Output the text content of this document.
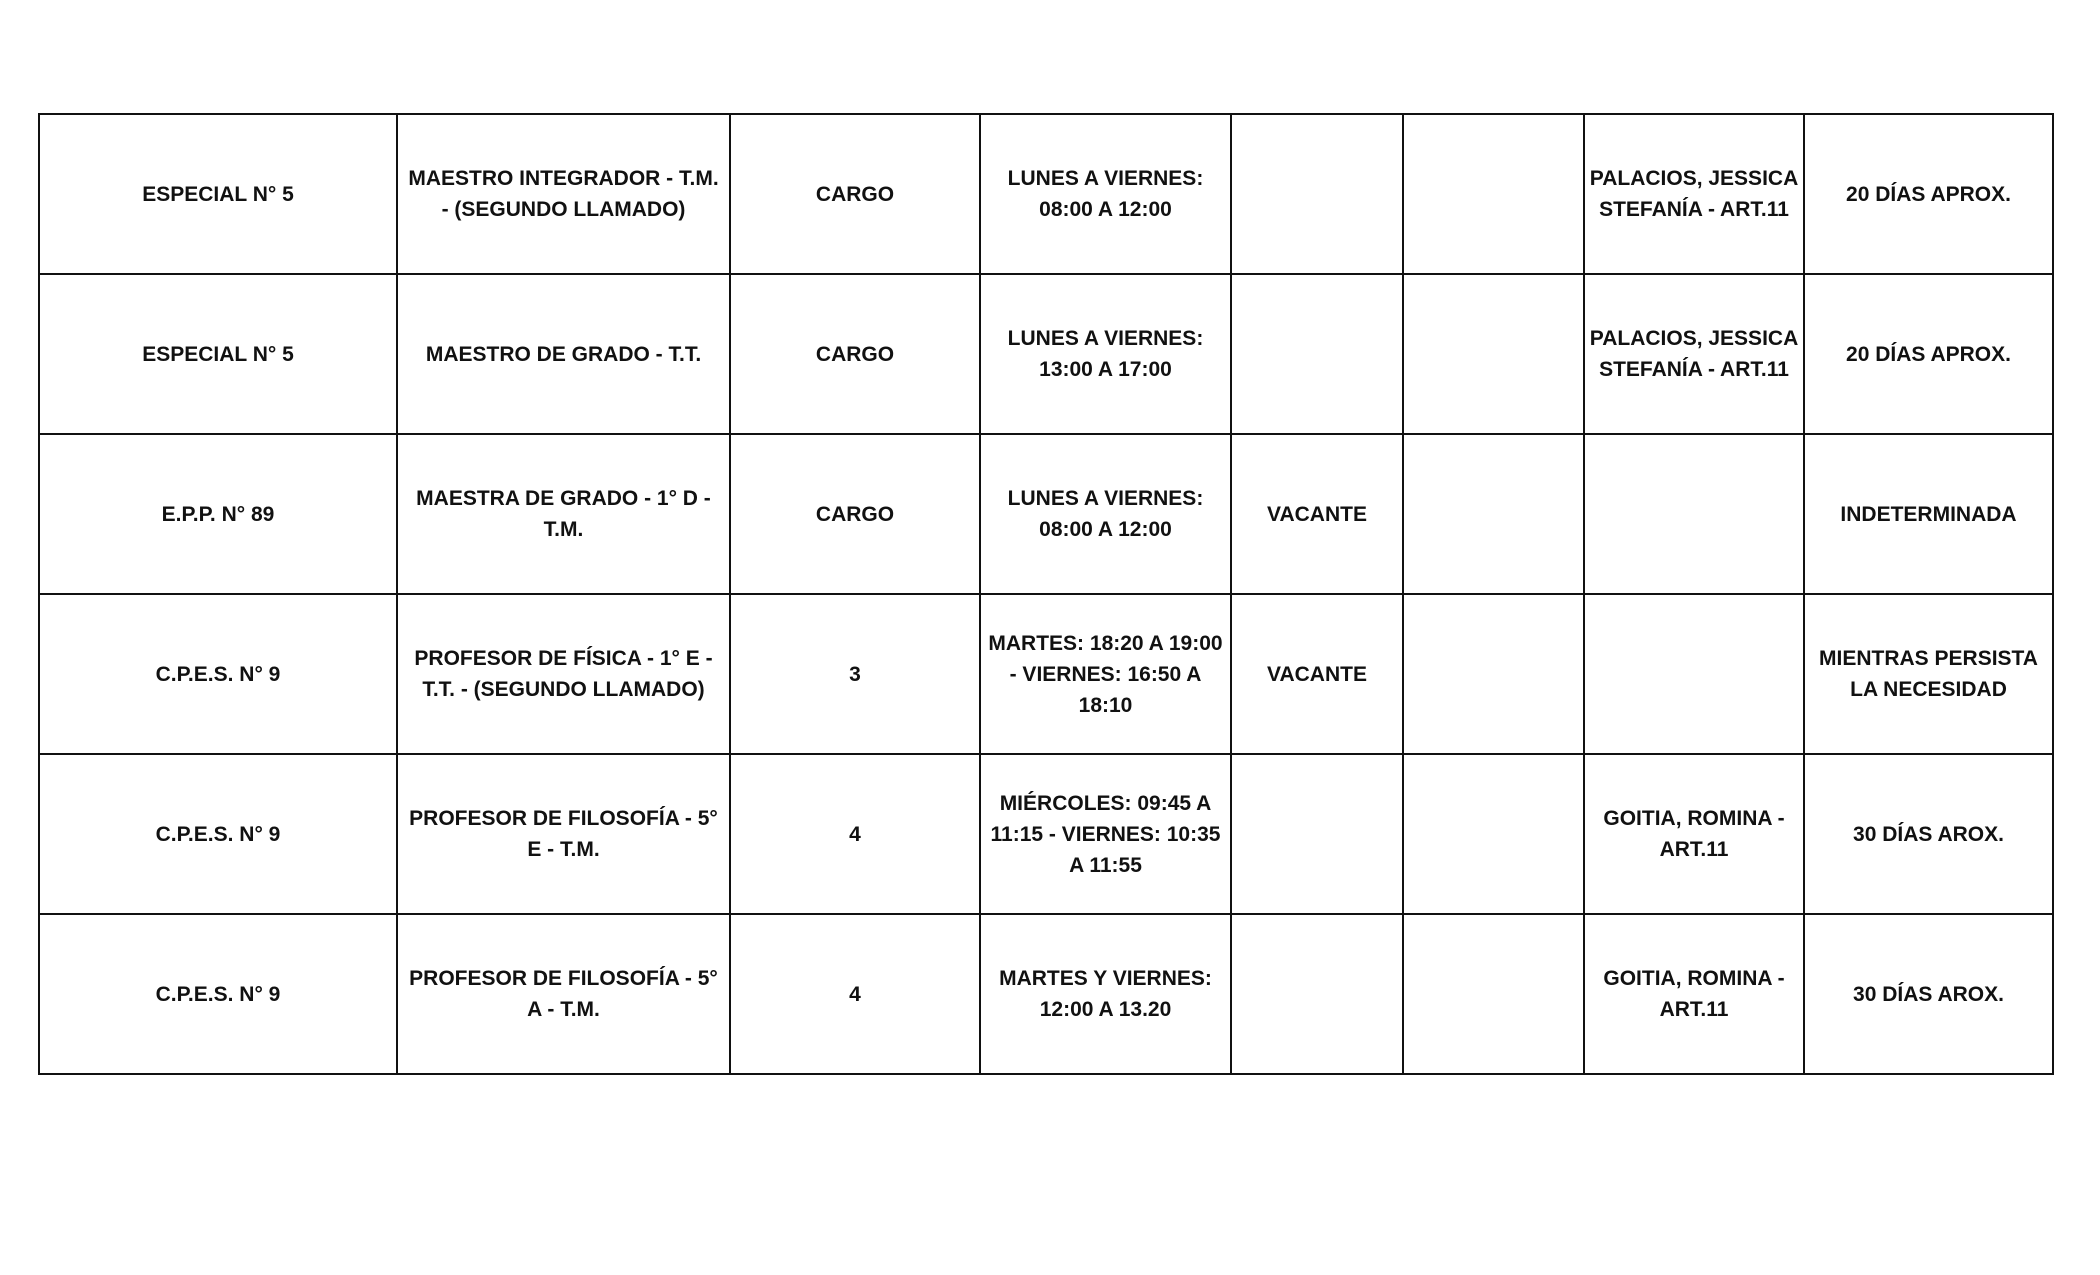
ESPECIAL N° 5	MAESTRO INTEGRADOR - T.M. - (SEGUNDO LLAMADO)	CARGO	LUNES A VIERNES: 08:00 A 12:00			PALACIOS, JESSICA STEFANÍA - ART.11	20 DÍAS APROX.
ESPECIAL N° 5	MAESTRO DE GRADO - T.T.	CARGO	LUNES A VIERNES: 13:00 A 17:00			PALACIOS, JESSICA STEFANÍA - ART.11	20 DÍAS APROX.
E.P.P. N° 89	MAESTRA DE GRADO - 1° D - T.M.	CARGO	LUNES A VIERNES: 08:00 A 12:00	VACANTE			INDETERMINADA
C.P.E.S. N° 9	PROFESOR DE FÍSICA - 1° E - T.T. - (SEGUNDO LLAMADO)	3	MARTES: 18:20 A 19:00 - VIERNES: 16:50 A 18:10	VACANTE			MIENTRAS PERSISTA LA NECESIDAD
C.P.E.S. N° 9	PROFESOR DE FILOSOFÍA - 5° E - T.M.	4	MIÉRCOLES: 09:45 A 11:15 - VIERNES: 10:35 A 11:55			GOITIA, ROMINA - ART.11	30 DÍAS AROX.
C.P.E.S. N° 9	PROFESOR DE FILOSOFÍA - 5° A - T.M.	4	MARTES Y VIERNES: 12:00 A 13.20			GOITIA, ROMINA - ART.11	30 DÍAS AROX.
